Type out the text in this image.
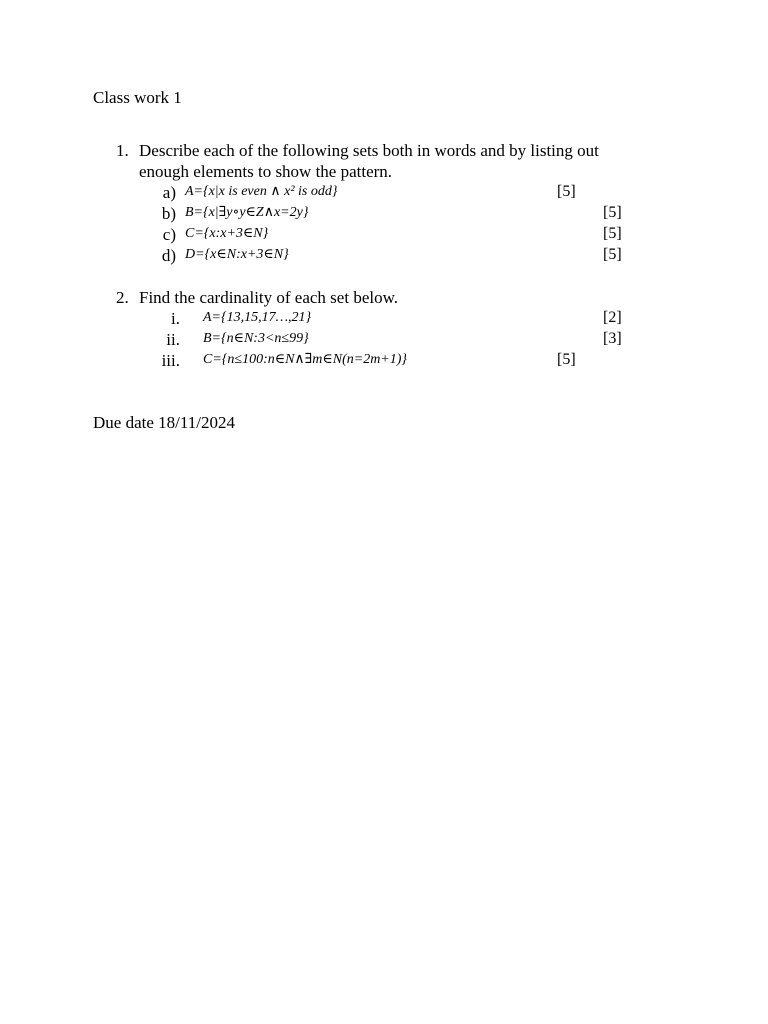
Class work 1
1. Describe each of the following sets both in words and by listing out
enough elements to show the pattern.
a) A={x|x is even ∧ x² is odd}	[5]
b) B={x|∃y∘y∈Z∧x=2y}	[5]
c) C={x:x+3∈N}	[5]
d) D={x∈N:x+3∈N}	[5]
2. Find the cardinality of each set below.
i. A={13,15,17…,21}	[2]
ii. B={n∈N:3<n≤99}	[3]
iii. C={n≤100:n∈N∧∃m∈N(n=2m+1)}	[5]
Due date 18/11/2024
